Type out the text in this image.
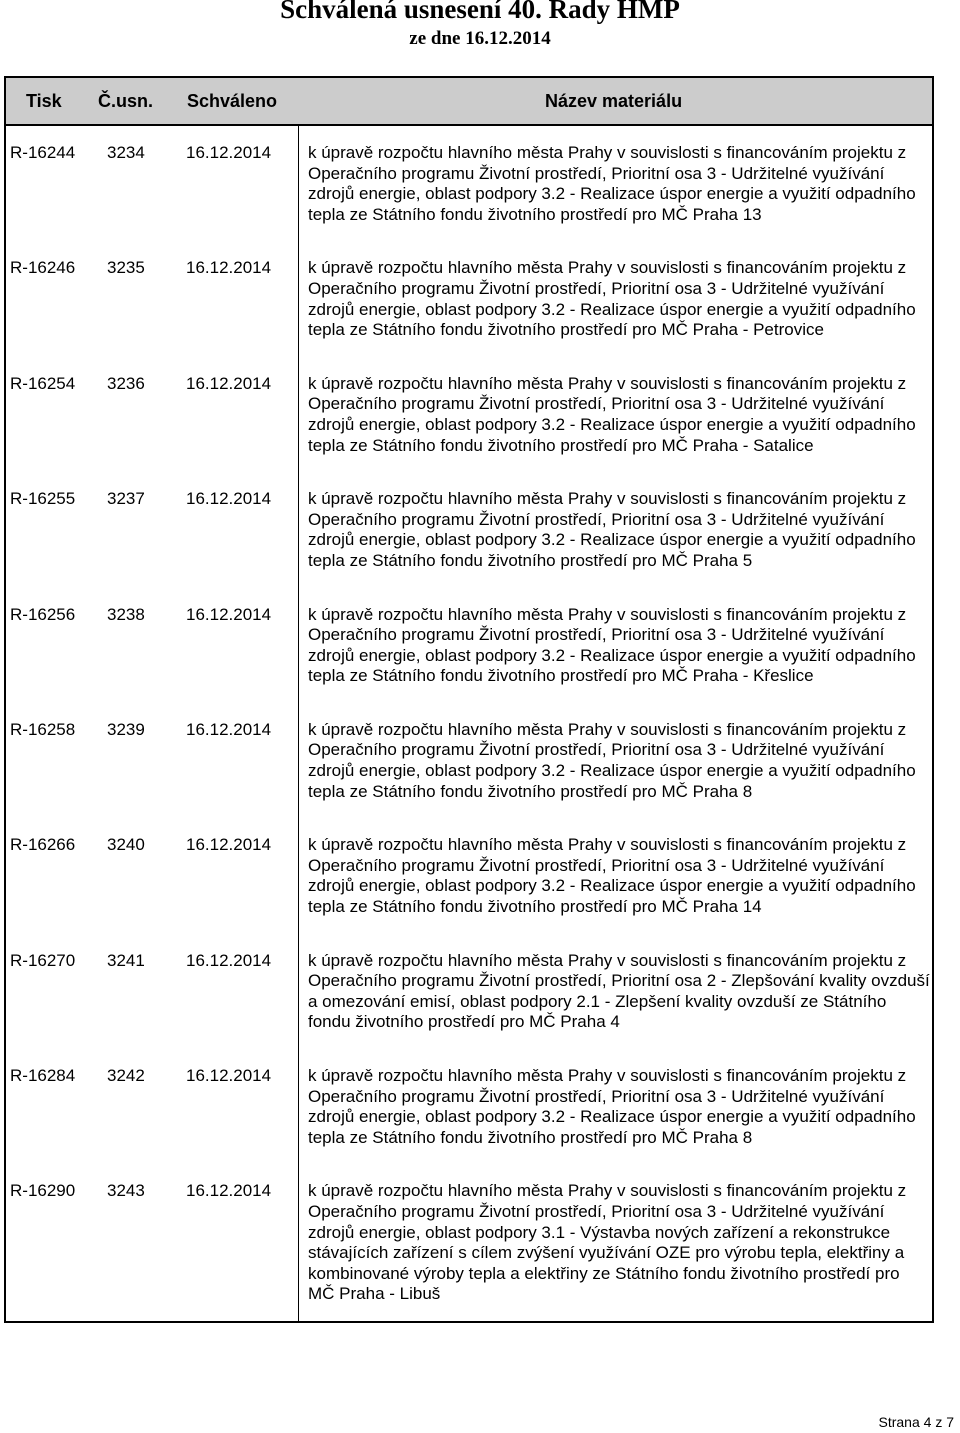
Schválená usnesení 40. Rady HMP
ze dne 16.12.2014
Tisk Č.usn. Schváleno	Název materiálu
R-16244 3234 16.12.2014 k úpravě rozpočtu hlavního města Prahy v souvislosti s financováním projektu z Operačního programu Životní prostředí, Prioritní osa 3 - Udržitelné využívání zdrojů energie, oblast podpory 3.2 - Realizace úspor energie a využití odpadního tepla ze Státního fondu životního prostředí pro MČ Praha 13
R-16246 3235 16.12.2014 k úpravě rozpočtu hlavního města Prahy v souvislosti s financováním projektu z Operačního programu Životní prostředí, Prioritní osa 3 - Udržitelné využívání zdrojů energie, oblast podpory 3.2 - Realizace úspor energie a využití odpadního tepla ze Státního fondu životního prostředí pro MČ Praha - Petrovice
R-16254 3236 16.12.2014 k úpravě rozpočtu hlavního města Prahy v souvislosti s financováním projektu z Operačního programu Životní prostředí, Prioritní osa 3 - Udržitelné využívání zdrojů energie, oblast podpory 3.2 - Realizace úspor energie a využití odpadního tepla ze Státního fondu životního prostředí pro MČ Praha - Satalice
R-16255 3237 16.12.2014 k úpravě rozpočtu hlavního města Prahy v souvislosti s financováním projektu z Operačního programu Životní prostředí, Prioritní osa 3 - Udržitelné využívání zdrojů energie, oblast podpory 3.2 - Realizace úspor energie a využití odpadního tepla ze Státního fondu životního prostředí pro MČ Praha 5
R-16256 3238 16.12.2014 k úpravě rozpočtu hlavního města Prahy v souvislosti s financováním projektu z Operačního programu Životní prostředí, Prioritní osa 3 - Udržitelné využívání zdrojů energie, oblast podpory 3.2 - Realizace úspor energie a využití odpadního tepla ze Státního fondu životního prostředí pro MČ Praha - Křeslice
R-16258 3239 16.12.2014 k úpravě rozpočtu hlavního města Prahy v souvislosti s financováním projektu z Operačního programu Životní prostředí, Prioritní osa 3 - Udržitelné využívání zdrojů energie, oblast podpory 3.2 - Realizace úspor energie a využití odpadního tepla ze Státního fondu životního prostředí pro MČ Praha 8
R-16266 3240 16.12.2014 k úpravě rozpočtu hlavního města Prahy v souvislosti s financováním projektu z Operačního programu Životní prostředí, Prioritní osa 3 - Udržitelné využívání zdrojů energie, oblast podpory 3.2 - Realizace úspor energie a využití odpadního tepla ze Státního fondu životního prostředí pro MČ Praha 14
R-16270 3241 16.12.2014 k úpravě rozpočtu hlavního města Prahy v souvislosti s financováním projektu z Operačního programu Životní prostředí, Prioritní osa 2 - Zlepšování kvality ovzduší a omezování emisí, oblast podpory 2.1 - Zlepšení kvality ovzduší ze Státního fondu životního prostředí pro MČ Praha 4
R-16284 3242 16.12.2014 k úpravě rozpočtu hlavního města Prahy v souvislosti s financováním projektu z Operačního programu Životní prostředí, Prioritní osa 3 - Udržitelné využívání zdrojů energie, oblast podpory 3.2 - Realizace úspor energie a využití odpadního tepla ze Státního fondu životního prostředí pro MČ Praha 8
R-16290 3243 16.12.2014 k úpravě rozpočtu hlavního města Prahy v souvislosti s financováním projektu z Operačního programu Životní prostředí, Prioritní osa 3 - Udržitelné využívání zdrojů energie, oblast podpory 3.1 - Výstavba nových zařízení a rekonstrukce stávajících zařízení s cílem zvýšení využívání OZE pro výrobu tepla, elektřiny a kombinované výroby tepla a elektřiny ze Státního fondu životního prostředí pro MČ Praha - Libuš
Strana 4 z 7
